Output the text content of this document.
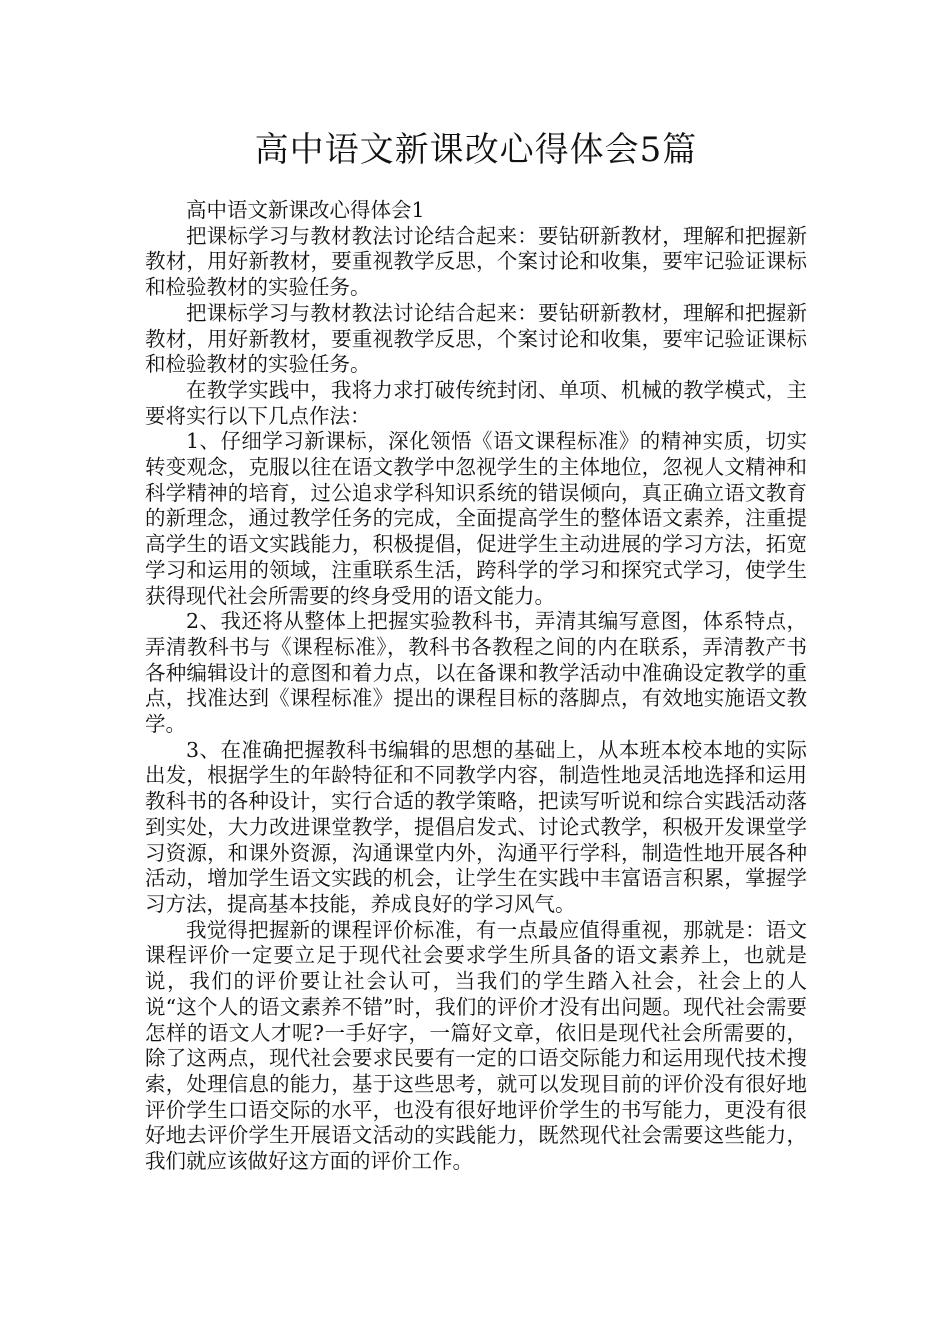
高中语文新课改心得体会5篇

高中语文新课改心得体会1

把课标学习与教材教法讨论结合起来：要钻研新教材，理解和把握新教材，用好新教材，要重视教学反思，个案讨论和收集，要牢记验证课标和检验教材的实验任务。

把课标学习与教材教法讨论结合起来：要钻研新教材，理解和把握新教材，用好新教材，要重视教学反思，个案讨论和收集，要牢记验证课标和检验教材的实验任务。

在教学实践中，我将力求打破传统封闭、单项、机械的教学模式，主要将实行以下几点作法：

1、仔细学习新课标，深化领悟《语文课程标准》的精神实质，切实转变观念，克服以往在语文教学中忽视学生的主体地位，忽视人文精神和科学精神的培育，过公追求学科知识系统的错误倾向，真正确立语文教育的新理念，通过教学任务的完成，全面提高学生的整体语文素养，注重提高学生的语文实践能力，积极提倡，促进学生主动进展的学习方法，拓宽学习和运用的领域，注重联系生活，跨科学的学习和探究式学习，使学生获得现代社会所需要的终身受用的语文能力。

2、我还将从整体上把握实验教科书，弄清其编写意图，体系特点，弄清教科书与《课程标准》，教科书各教程之间的内在联系，弄清教产书各种编辑设计的意图和着力点，以在备课和教学活动中准确设定教学的重点，找准达到《课程标准》提出的课程目标的落脚点，有效地实施语文教学。

3、在准确把握教科书编辑的思想的基础上，从本班本校本地的实际出发，根据学生的年龄特征和不同教学内容，制造性地灵活地选择和运用教科书的各种设计，实行合适的教学策略，把读写听说和综合实践活动落到实处，大力改进课堂教学，提倡启发式、讨论式教学，积极开发课堂学习资源，和课外资源，沟通课堂内外，沟通平行学科，制造性地开展各种活动，增加学生语文实践的机会，让学生在实践中丰富语言积累，掌握学习方法，提高基本技能，养成良好的学习风气。

我觉得把握新的课程评价标准，有一点最应值得重视，那就是：语文课程评价一定要立足于现代社会要求学生所具备的语文素养上，也就是说，我们的评价要让社会认可，当我们的学生踏入社会，社会上的人说“这个人的语文素养不错”时，我们的评价才没有出问题。现代社会需要怎样的语文人才呢?一手好字，一篇好文章，依旧是现代社会所需要的，除了这两点，现代社会要求民要有一定的口语交际能力和运用现代技术搜索，处理信息的能力，基于这些思考，就可以发现目前的评价没有很好地评价学生口语交际的水平，也没有很好地评价学生的书写能力，更没有很好地去评价学生开展语文活动的实践能力，既然现代社会需要这些能力，我们就应该做好这方面的评价工作。
